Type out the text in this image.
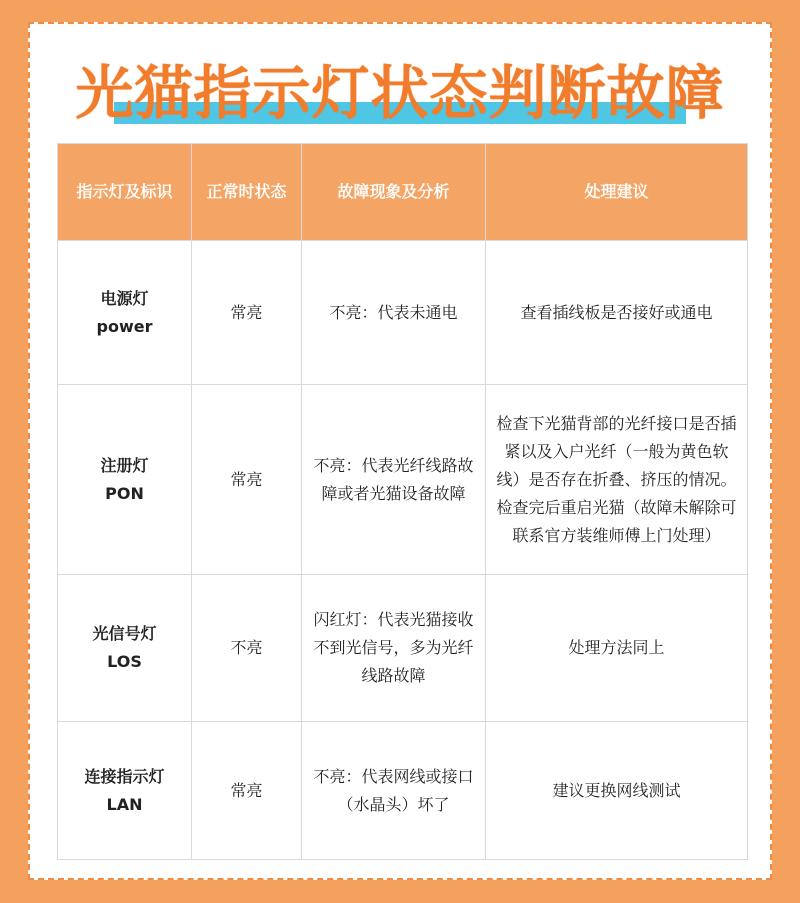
光猫指示灯状态判断故障
指示灯及标识	正常时状态	故障现象及分析	处理建议

电源灯
power	常亮	不亮：代表未通电	查看插线板是否接好或通电

注册灯
PON	常亮	不亮：代表光纤线路故障或者光猫设备故障	检查下光猫背部的光纤接口是否插紧以及入户光纤（一般为黄色软线）是否存在折叠、挤压的情况。检查完后重启光猫（故障未解除可联系官方装维师傅上门处理）

光信号灯
LOS	不亮	闪红灯：代表光猫接收不到光信号，多为光纤线路故障	处理方法同上

连接指示灯
LAN	常亮	不亮：代表网线或接口（水晶头）坏了	建议更换网线测试
